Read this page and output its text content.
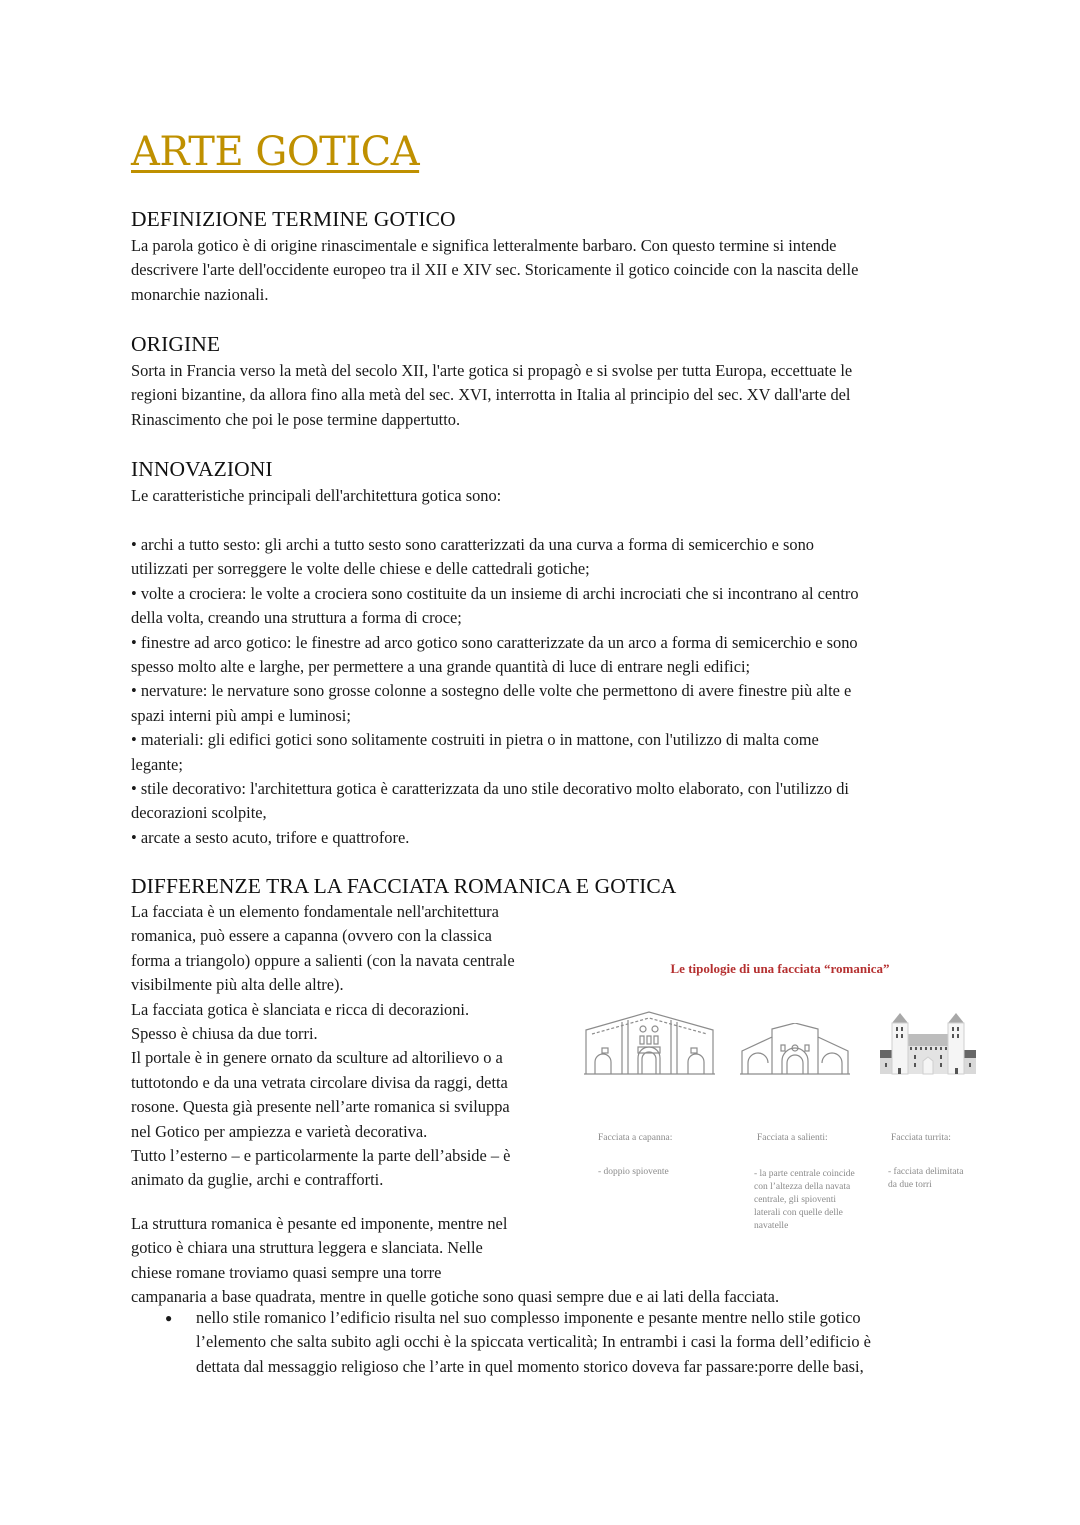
ARTE GOTICA
DEFINIZIONE TERMINE GOTICO
La parola gotico è di origine rinascimentale e significa letteralmente barbaro. Con questo termine si intende
descrivere l'arte dell'occidente europeo tra il XII e XIV sec. Storicamente il gotico coincide con la nascita delle
monarchie nazionali.
ORIGINE
Sorta in Francia verso la metà del secolo XII, l'arte gotica si propagò e si svolse per tutta Europa, eccettuate le
regioni bizantine, da allora fino alla metà del sec. XVI, interrotta in Italia al principio del sec. XV dall'arte del
Rinascimento che poi le pose termine dappertutto.
INNOVAZIONI
Le caratteristiche principali dell'architettura gotica sono:
• archi a tutto sesto: gli archi a tutto sesto sono caratterizzati da una curva a forma di semicerchio e sono
utilizzati per sorreggere le volte delle chiese e delle cattedrali gotiche;
• volte a crociera: le volte a crociera sono costituite da un insieme di archi incrociati che si incontrano al centro
della volta, creando una struttura a forma di croce;
• finestre ad arco gotico: le finestre ad arco gotico sono caratterizzate da un arco a forma di semicerchio e sono
spesso molto alte e larghe, per permettere a una grande quantità di luce di entrare negli edifici;
• nervature: le nervature sono grosse colonne a sostegno delle volte che permettono di avere finestre più alte e
spazi interni più ampi e luminosi;
• materiali: gli edifici gotici sono solitamente costruiti in pietra o in mattone, con l'utilizzo di malta come
legante;
• stile decorativo: l'architettura gotica è caratterizzata da uno stile decorativo molto elaborato, con l'utilizzo di
decorazioni scolpite,
• arcate a sesto acuto, trifore e quattrofore.
DIFFERENZE TRA LA FACCIATA ROMANICA E GOTICA
La facciata è un elemento fondamentale nell'architettura
romanica, può essere a capanna (ovvero con la classica
forma a triangolo) oppure a salienti (con la navata centrale
visibilmente più alta delle altre).
La facciata gotica è slanciata e ricca di decorazioni.
Spesso è chiusa da due torri.
Il portale è in genere ornato da sculture ad altorilievo o a
tuttotondo e da una vetrata circolare divisa da raggi, detta
rosone. Questa già presente nell’arte romanica si sviluppa
nel Gotico per ampiezza e varietà decorativa.
Tutto l’esterno – e particolarmente la parte dell’abside – è
animato da guglie, archi e contrafforti.
La struttura romanica è pesante ed imponente, mentre nel
gotico è chiara una struttura leggera e slanciata. Nelle
chiese romane troviamo quasi sempre una torre
campanaria a base quadrata, mentre in quelle gotiche sono quasi sempre due e ai lati della facciata.
● nello stile romanico l’edificio risulta nel suo complesso imponente e pesante mentre nello stile gotico
l’elemento che salta subito agli occhi è la spiccata verticalità; In entrambi i casi la forma dell’edificio è
dettata dal messaggio religioso che l’arte in quel momento storico doveva far passare:porre delle basi,
Le tipologie di una facciata “romanica”
Facciata a capanna:
- doppio spiovente
Facciata a salienti:
- la parte centrale coincide
con l’altezza della navata
centrale, gli spioventi
laterali con quelle delle
navatelle
Facciata turrita:
- facciata delimitata
da due torri
